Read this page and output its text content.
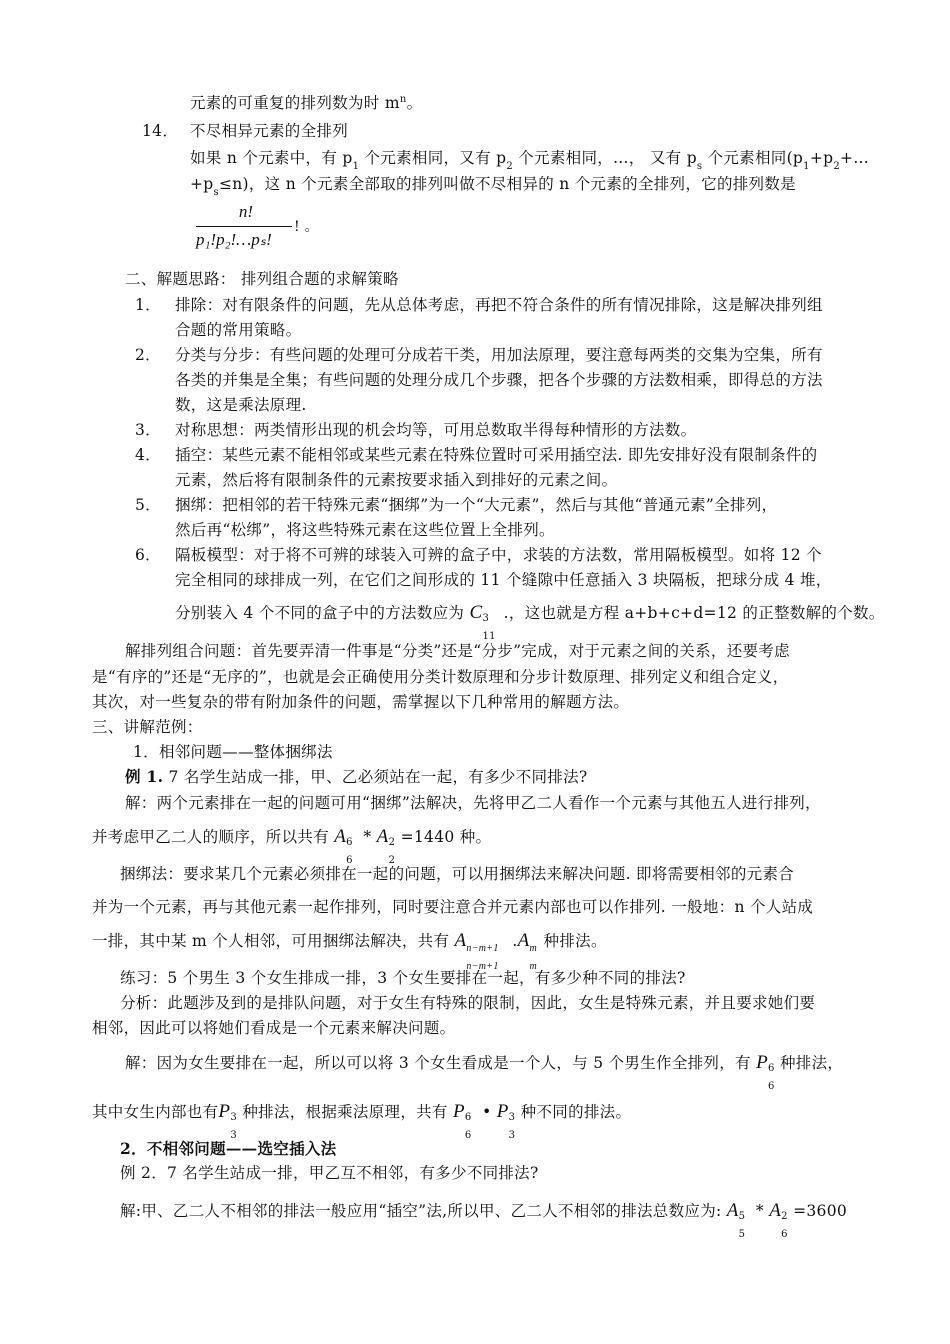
元素的可重复的排列数为时 $m^n$。
14． 不尽相异元素的全排列
如果 n 个元素中，有 $p_1$ 个元素相同，又有 $p_2$ 个元素相同，…， 又有 $p_s$ 个元素相同($p_1+p_2+\dots$
$+p_s\le n$)，这 n 个元素全部取的排列叫做不尽相异的 n 个元素的全排列，它的排列数是
n!
p₁!p₂!…pₛ!
! 。
二、解题思路： 排列组合题的求解策略
1． 排除：对有限条件的问题，先从总体考虑，再把不符合条件的所有情况排除，这是解决排列组
合题的常用策略。
2． 分类与分步：有些问题的处理可分成若干类，用加法原理，要注意每两类的交集为空集，所有
各类的并集是全集；有些问题的处理分成几个步骤，把各个步骤的方法数相乘，即得总的方法
数，这是乘法原理.
3． 对称思想：两类情形出现的机会均等，可用总数取半得每种情形的方法数。
4． 插空：某些元素不能相邻或某些元素在特殊位置时可采用插空法. 即先安排好没有限制条件的
元素，然后将有限制条件的元素按要求插入到排好的元素之间。
5． 捆绑：把相邻的若干特殊元素“捆绑”为一个“大元素”，然后与其他“普通元素”全排列，
然后再“松绑”，将这些特殊元素在这些位置上全排列。
6． 隔板模型：对于将不可辨的球装入可辨的盒子中，求装的方法数，常用隔板模型。如将 12 个
完全相同的球排成一列，在它们之间形成的 11 个缝隙中任意插入 3 块隔板，把球分成 4 堆，
分别装入 4 个不同的盒子中的方法数应为 C 3
11
.，这也就是方程 a+b+c+d=12 的正整数解的个数。
解排列组合问题：首先要弄清一件事是“分类”还是“分步”完成，对于元素之间的关系，还要考虑
是“有序的”还是“无序的”，也就是会正确使用分类计数原理和分步计数原理、排列定义和组合定义，
其次，对一些复杂的带有附加条件的问题，需掌握以下几种常用的解题方法。
三、讲解范例：
1．相邻问题——整体捆绑法
例 1. 7 名学生站成一排，甲、乙必须站在一起，有多少不同排法?
解：两个元素排在一起的问题可用“捆绑”法解决，先将甲乙二人看作一个元素与其他五人进行排列，
并考虑甲乙二人的顺序，所以共有 A 6
6
* A 2
2
=1440 种。
捆绑法：要求某几个元素必须排在一起的问题，可以用捆绑法来解决问题. 即将需要相邻的元素合
并为一个元素，再与其他元素一起作排列，同时要注意合并元素内部也可以作排列. 一般地：n 个人站成
一排，其中某 m 个人相邻，可用捆绑法解决，共有 A n−m+1
n−m+1
.A m
m
种排法。
练习：5 个男生 3 个女生排成一排，3 个女生要排在一起，有多少种不同的排法?
分析：此题涉及到的是排队问题，对于女生有特殊的限制，因此，女生是特殊元素，并且要求她们要
相邻，因此可以将她们看成是一个元素来解决问题。
解：因为女生要排在一起，所以可以将 3 个女生看成是一个人，与 5 个男生作全排列，有 P 6
6
种排法，
其中女生内部也有P 3
3
种排法，根据乘法原理，共有 P 6
6
• P 3
3
种不同的排法。
2．不相邻问题——选空插入法
例 2．7 名学生站成一排，甲乙互不相邻，有多少不同排法?
解:甲、乙二人不相邻的排法一般应用“插空”法,所以甲、乙二人不相邻的排法总数应为: A 5
5
* A 2
6
=3600
